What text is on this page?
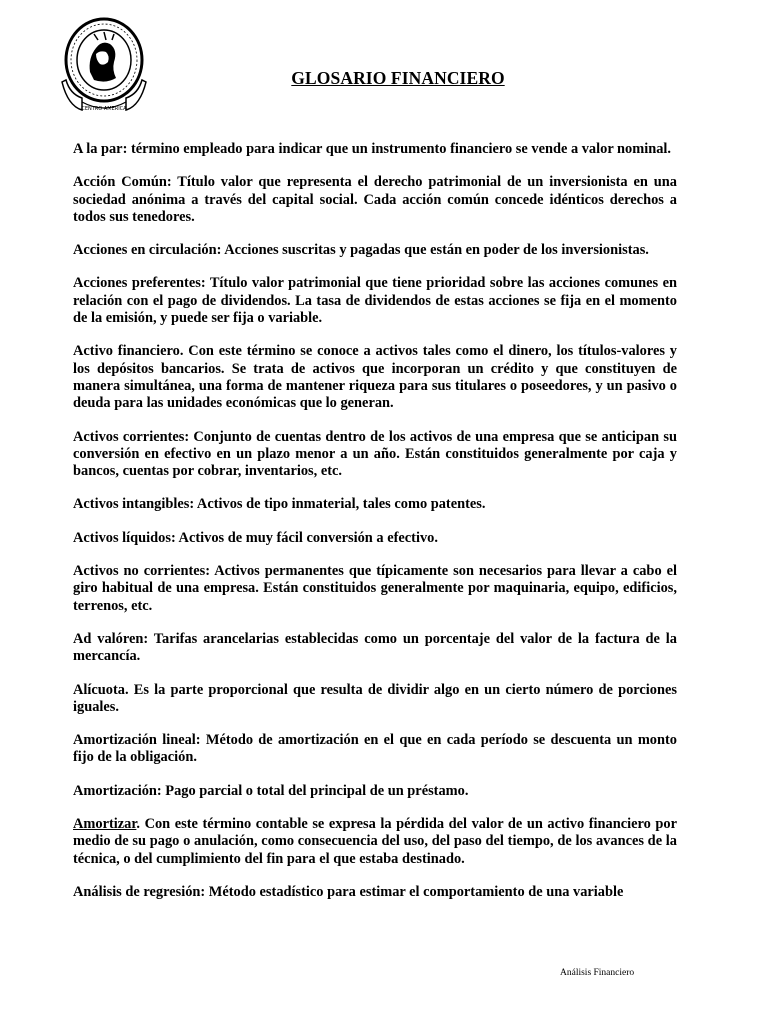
CENTRO AMERICA
GLOSARIO FINANCIERO

A la par: término empleado para indicar que un instrumento financiero se vende a valor nominal.

Acción Común: Título valor que representa el derecho patrimonial de un inversionista en una sociedad anónima a través del capital social. Cada acción común concede idénticos derechos a todos sus tenedores.

Acciones en circulación: Acciones suscritas y pagadas que están en poder de los inversionistas.

Acciones preferentes: Título valor patrimonial que tiene prioridad sobre las acciones comunes en relación con el pago de dividendos. La tasa de dividendos de estas acciones se fija en el momento de la emisión, y puede ser fija o variable.

Activo financiero. Con este término se conoce a activos tales como el dinero, los títulos-valores y los depósitos bancarios. Se trata de activos que incorporan un crédito y que constituyen de manera simultánea, una forma de mantener riqueza para sus titulares o poseedores, y un pasivo o deuda para las unidades económicas que lo generan.

Activos corrientes: Conjunto de cuentas dentro de los activos de una empresa que se anticipan su conversión en efectivo en un plazo menor a un año. Están constituidos generalmente por caja y bancos, cuentas por cobrar, inventarios, etc.

Activos intangibles: Activos de tipo inmaterial, tales como patentes.

Activos líquidos: Activos de muy fácil conversión a efectivo.

Activos no corrientes: Activos permanentes que típicamente son necesarios para llevar a cabo el giro habitual de una empresa. Están constituidos generalmente por maquinaria, equipo, edificios, terrenos, etc.

Ad valóren: Tarifas arancelarias establecidas como un porcentaje del valor de la factura de la mercancía.

Alícuota. Es la parte proporcional que resulta de dividir algo en un cierto número de porciones iguales.

Amortización lineal: Método de amortización en el que en cada período se descuenta un monto fijo de la obligación.

Amortización: Pago parcial o total del principal de un préstamo.

Amortizar. Con este término contable se expresa la pérdida del valor de un activo financiero por medio de su pago o anulación, como consecuencia del uso, del paso del tiempo, de los avances de la técnica, o del cumplimiento del fin para el que estaba destinado.

Análisis de regresión: Método estadístico para estimar el comportamiento de una variable

Análisis Financiero
